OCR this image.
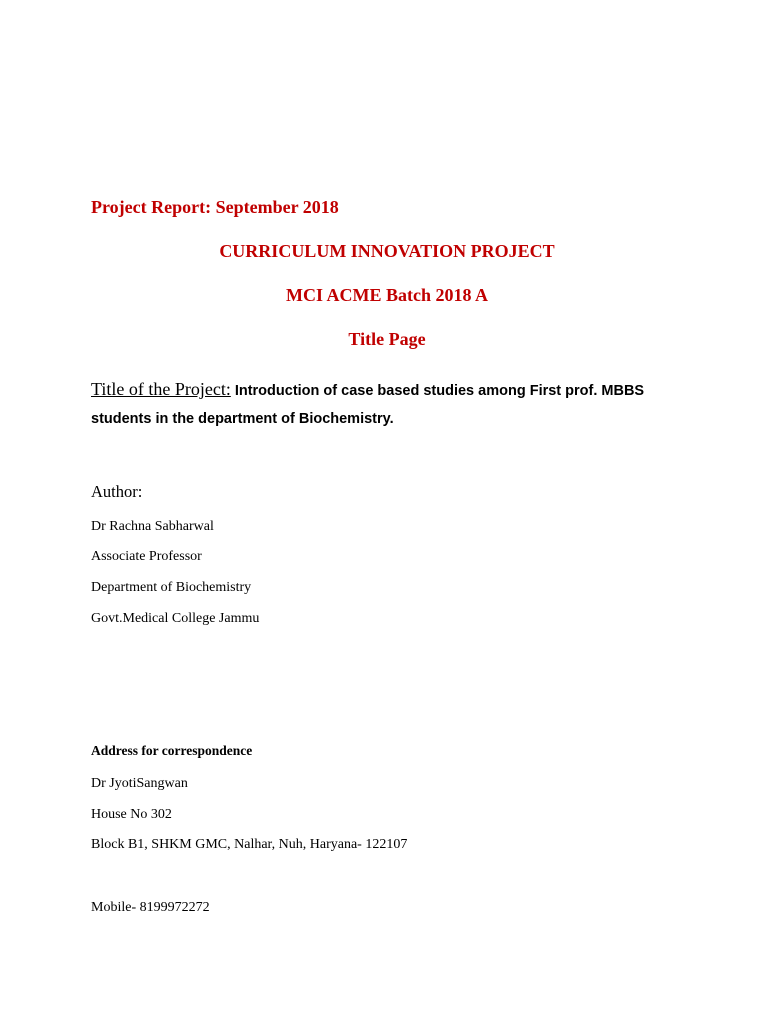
Project Report: September 2018
CURRICULUM INNOVATION PROJECT
MCI ACME Batch 2018 A
Title Page
Title of the Project: Introduction of case based studies among First prof. MBBS students in the department of Biochemistry.
Author:
Dr Rachna Sabharwal
Associate Professor
Department of Biochemistry
Govt.Medical College Jammu
Address for correspondence
Dr JyotiSangwan
House No 302
Block B1, SHKM GMC, Nalhar, Nuh, Haryana- 122107
Mobile- 8199972272
